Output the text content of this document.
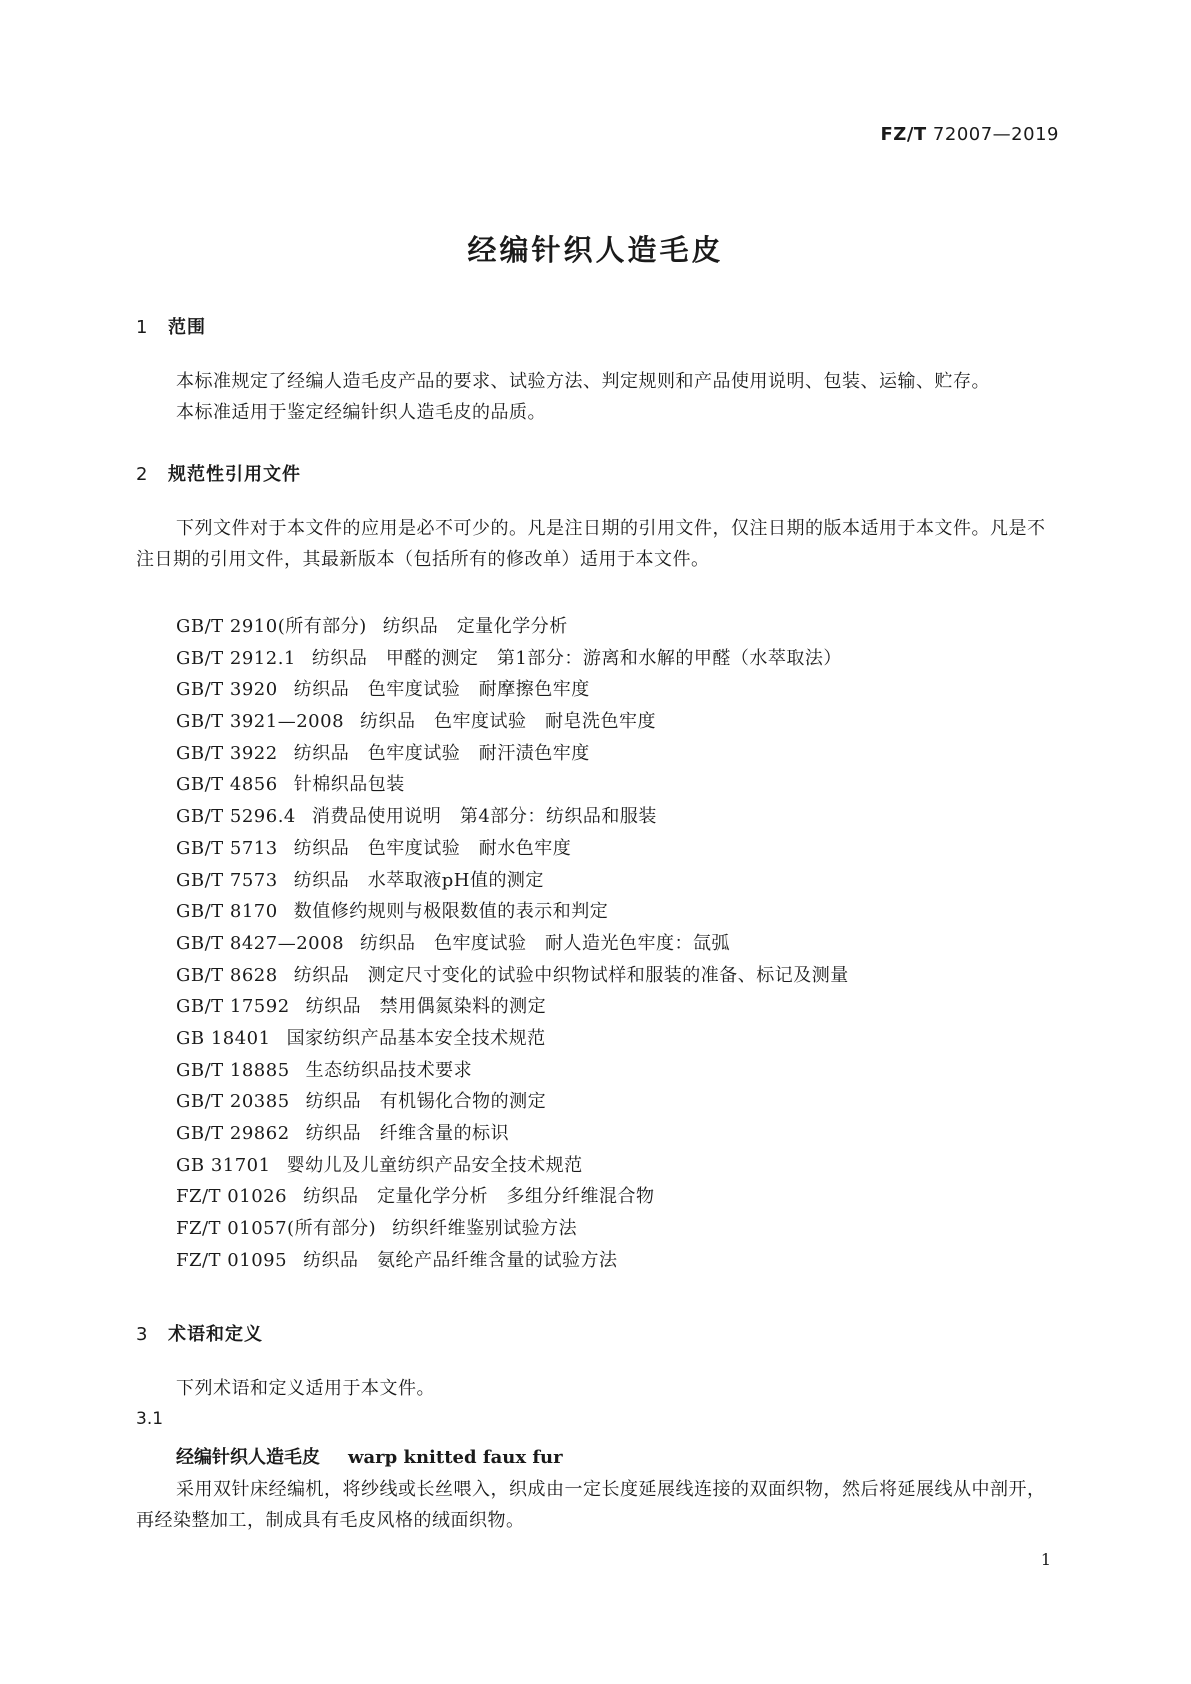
FZ/T 72007—2019
经编针织人造毛皮
1 范围
本标准规定了经编人造毛皮产品的要求、试验方法、判定规则和产品使用说明、包装、运输、贮存。
本标准适用于鉴定经编针织人造毛皮的品质。
2 规范性引用文件
下列文件对于本文件的应用是必不可少的。凡是注日期的引用文件，仅注日期的版本适用于本文件。凡是不注日期的引用文件，其最新版本（包括所有的修改单）适用于本文件。
GB/T 2910(所有部分) 纺织品　定量化学分析
GB/T 2912.1 纺织品　甲醛的测定　第1部分：游离和水解的甲醛（水萃取法）
GB/T 3920 纺织品　色牢度试验　耐摩擦色牢度
GB/T 3921—2008 纺织品　色牢度试验　耐皂洗色牢度
GB/T 3922 纺织品　色牢度试验　耐汗渍色牢度
GB/T 4856 针棉织品包装
GB/T 5296.4 消费品使用说明　第4部分：纺织品和服装
GB/T 5713 纺织品　色牢度试验　耐水色牢度
GB/T 7573 纺织品　水萃取液pH值的测定
GB/T 8170 数值修约规则与极限数值的表示和判定
GB/T 8427—2008 纺织品　色牢度试验　耐人造光色牢度：氙弧
GB/T 8628 纺织品　测定尺寸变化的试验中织物试样和服装的准备、标记及测量
GB/T 17592 纺织品　禁用偶氮染料的测定
GB 18401 国家纺织产品基本安全技术规范
GB/T 18885 生态纺织品技术要求
GB/T 20385 纺织品　有机锡化合物的测定
GB/T 29862 纺织品　纤维含量的标识
GB 31701 婴幼儿及儿童纺织产品安全技术规范
FZ/T 01026 纺织品　定量化学分析　多组分纤维混合物
FZ/T 01057(所有部分) 纺织纤维鉴别试验方法
FZ/T 01095 纺织品　氨纶产品纤维含量的试验方法
3 术语和定义
下列术语和定义适用于本文件。
3.1
经编针织人造毛皮 warp knitted faux fur
采用双针床经编机，将纱线或长丝喂入，织成由一定长度延展线连接的双面织物，然后将延展线从中剖开，再经染整加工，制成具有毛皮风格的绒面织物。
1
